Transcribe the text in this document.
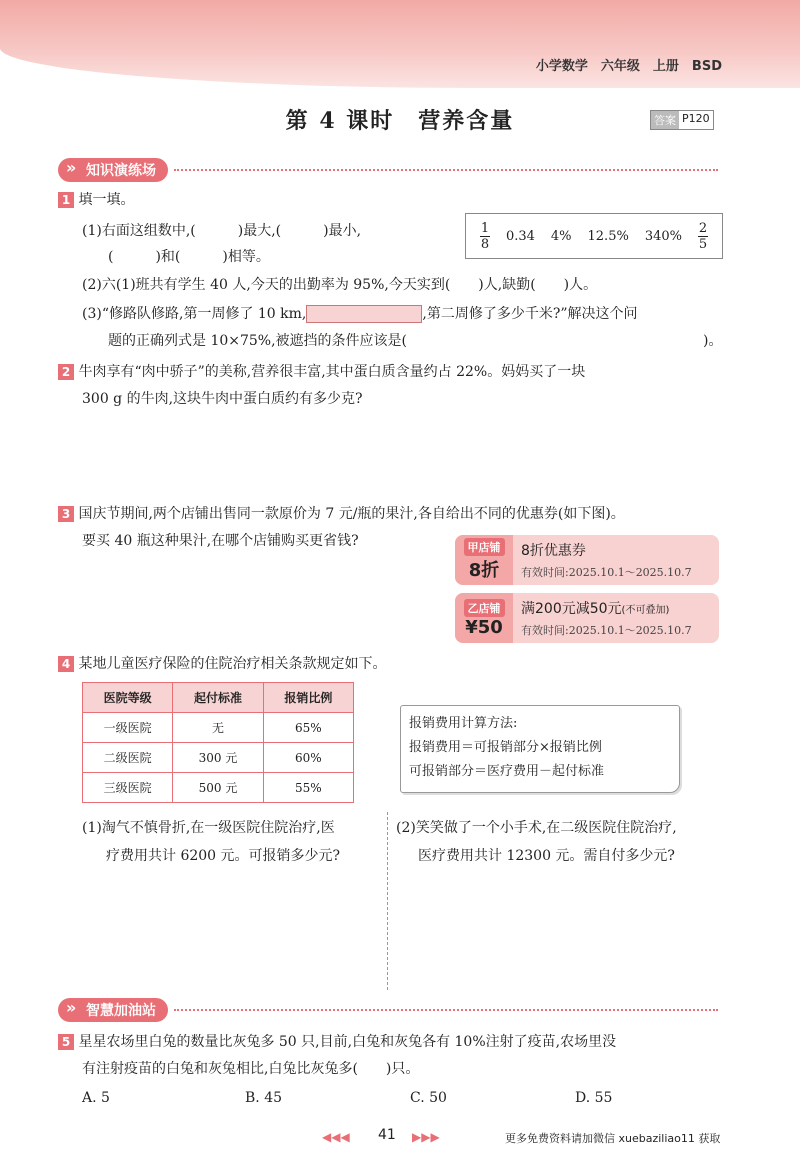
小学数学　六年级　上册　BSD
第 4 课时　营养含量	答案 P120
» 知识演练场
1 填一填。
(1)右面这组数中,(　　　)最大,(　　　)最小,
(　　　)和(　　　)相等。
$\frac{1}{8} 0.34$ 4% 12.5% $340\% \frac{2}{5}$
(2)六(1)班共有学生 40 人,今天的出勤率为 95%,今天实到(　　)人,缺勤(　　)人。
(3)“修路队修路,第一周修了 10 km,	,第二周修了多少千米?”解决这个问
题的正确列式是 10×75%,被遮挡的条件应该是(	)。
2 牛肉享有“肉中骄子”的美称,营养很丰富,其中蛋白质含量约占 22%。妈妈买了一块
300 g 的牛肉,这块牛肉中蛋白质约有多少克?
3 国庆节期间,两个店铺出售同一款原价为 7 元/瓶的果汁,各自给出不同的优惠券(如下图)。
要买 40 瓶这种果汁,在哪个店铺购买更省钱?	甲店铺
8折
8折优惠券
有效时间:2025.10.1～2025.10.7
乙店铺
¥50
满200元减50元(不可叠加)
有效时间:2025.10.1～2025.10.7
4 某地儿童医疗保险的住院治疗相关条款规定如下。
医院等级	起付标准	报销比例
一级医院	无	65%
二级医院	300 元	60%
三级医院	500 元	55%
报销费用计算方法:
报销费用＝可报销部分×报销比例
可报销部分＝医疗费用－起付标准
(1)淘气不慎骨折,在一级医院住院治疗,医
疗费用共计 6200 元。可报销多少元?
(2)笑笑做了一个小手术,在二级医院住院治疗,
医疗费用共计 12300 元。需自付多少元?
» 智慧加油站
5 星星农场里白兔的数量比灰兔多 50 只,目前,白兔和灰兔各有 10%注射了疫苗,农场里没
有注射疫苗的白兔和灰兔相比,白兔比灰兔多(　　)只。
A. 5	B. 45	C. 50	D. 55
◀◀◀ 41 ▶▶▶	更多免费资料请加微信 xuebaziliao11 获取
